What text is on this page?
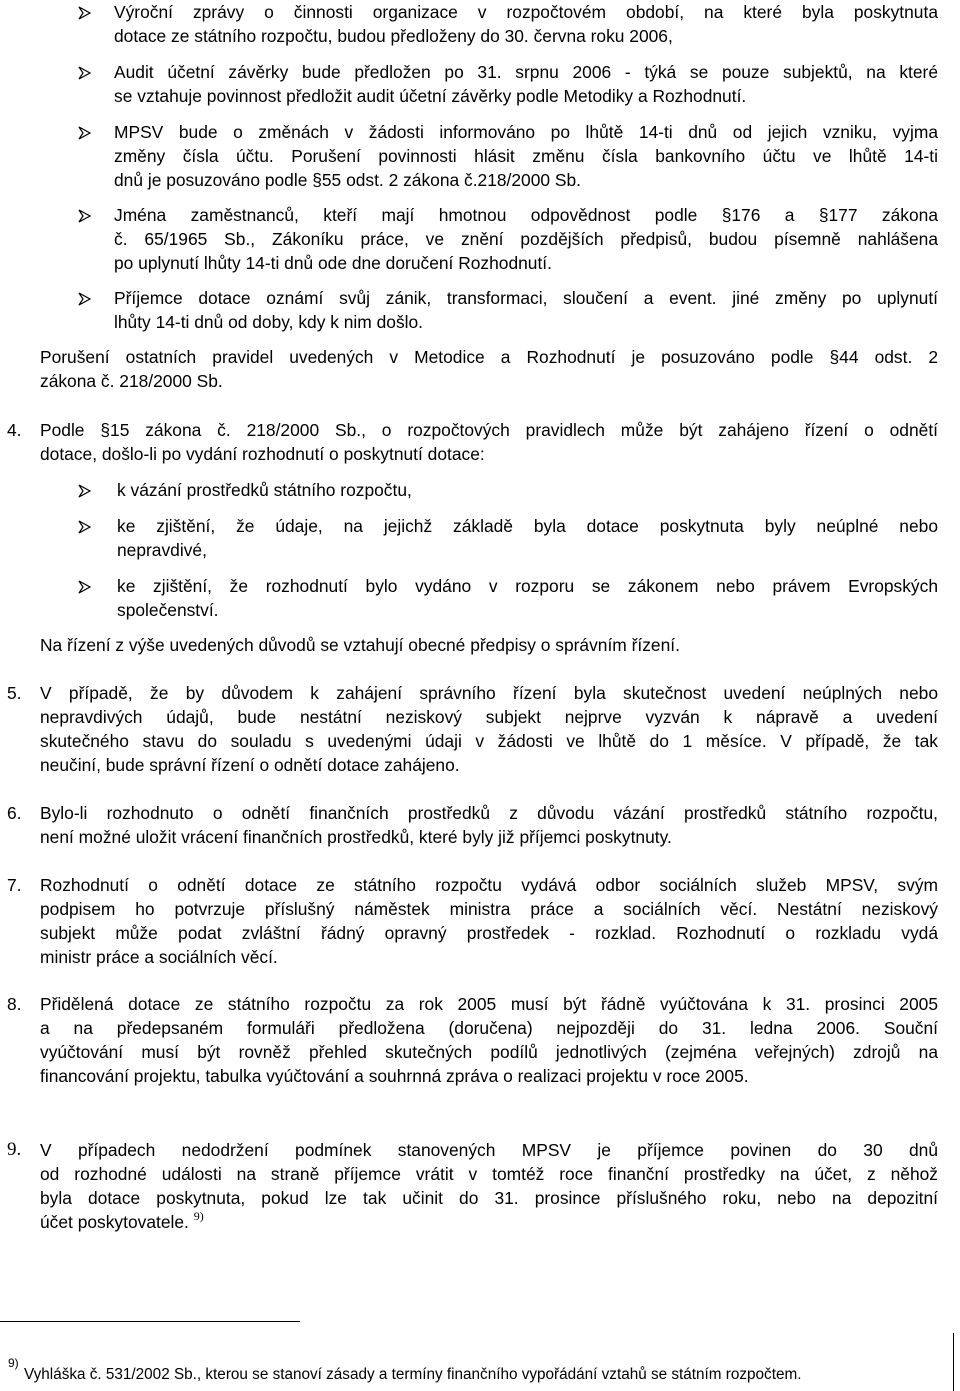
Výroční zprávy o činnosti organizace v rozpočtovém období, na které byla poskytnuta
dotace ze státního rozpočtu, budou předloženy do 30. června roku 2006,
Audit účetní závěrky bude předložen po 31. srpnu 2006 - týká se pouze subjektů, na které
se vztahuje povinnost předložit audit účetní závěrky podle Metodiky a Rozhodnutí.
MPSV bude o změnách v žádosti informováno po lhůtě 14-ti dnů od jejich vzniku, vyjma
změny čísla účtu. Porušení povinnosti hlásit změnu čísla bankovního účtu ve lhůtě 14-ti
dnů je posuzováno podle §55 odst. 2 zákona č.218/2000 Sb.
Jména zaměstnanců, kteří mají hmotnou odpovědnost podle §176 a §177 zákona
č. 65/1965 Sb., Zákoníku práce, ve znění pozdějších předpisů, budou písemně nahlášena
po uplynutí lhůty 14-ti dnů ode dne doručení Rozhodnutí.
Příjemce dotace oznámí svůj zánik, transformaci, sloučení a event. jiné změny po uplynutí
lhůty 14-ti dnů od doby, kdy k nim došlo.
Porušení ostatních pravidel uvedených v Metodice a Rozhodnutí je posuzováno podle §44 odst. 2
zákona č. 218/2000 Sb.
4.	Podle §15 zákona č. 218/2000 Sb., o rozpočtových pravidlech může být zahájeno řízení o odnětí
dotace, došlo-li po vydání rozhodnutí o poskytnutí dotace:
k vázání prostředků státního rozpočtu,
ke zjištění, že údaje, na jejichž základě byla dotace poskytnuta byly neúplné nebo
nepravdivé,
ke zjištění, že rozhodnutí bylo vydáno v rozporu se zákonem nebo právem Evropských
společenství.
Na řízení z výše uvedených důvodů se vztahují obecné předpisy o správním řízení.
5.	V případě, že by důvodem k zahájení správního řízení byla skutečnost uvedení neúplných nebo
nepravdivých údajů, bude nestátní neziskový subjekt nejprve vyzván k nápravě a uvedení
skutečného stavu do souladu s uvedenými údaji v žádosti ve lhůtě do 1 měsíce. V případě, že tak
neučiní, bude správní řízení o odnětí dotace zahájeno.
6.	Bylo-li rozhodnuto o odnětí finančních prostředků z důvodu vázání prostředků státního rozpočtu,
není možné uložit vrácení finančních prostředků, které byly již příjemci poskytnuty.
7.	Rozhodnutí o odnětí dotace ze státního rozpočtu vydává odbor sociálních služeb MPSV, svým
podpisem ho potvrzuje příslušný náměstek ministra práce a sociálních věcí. Nestátní neziskový
subjekt může podat zvláštní řádný opravný prostředek - rozklad. Rozhodnutí o rozkladu vydá
ministr práce a sociálních věcí.
8.	Přidělená dotace ze státního rozpočtu za rok 2005 musí být řádně vyúčtována k 31. prosinci 2005
a na předepsaném formuláři předložena (doručena) nejpozději do 31. ledna 2006. Souční
vyúčtování musí být rovněž přehled skutečných podílů jednotlivých (zejména veřejných) zdrojů na
financování projektu, tabulka vyúčtování a souhrnná zpráva o realizaci projektu v roce 2005.
9.	V případech nedodržení podmínek stanovených MPSV je příjemce povinen do 30 dnů
od rozhodné události na straně příjemce vrátit v tomtéž roce finanční prostředky na účet, z něhož
byla dotace poskytnuta, pokud lze tak učinit do 31. prosince příslušného roku, nebo na depozitní
účet poskytovatele. $^{9)}$
9)
Vyhláška č. 531/2002 Sb., kterou se stanoví zásady a termíny finančního vypořádání vztahů se státním rozpočtem.
